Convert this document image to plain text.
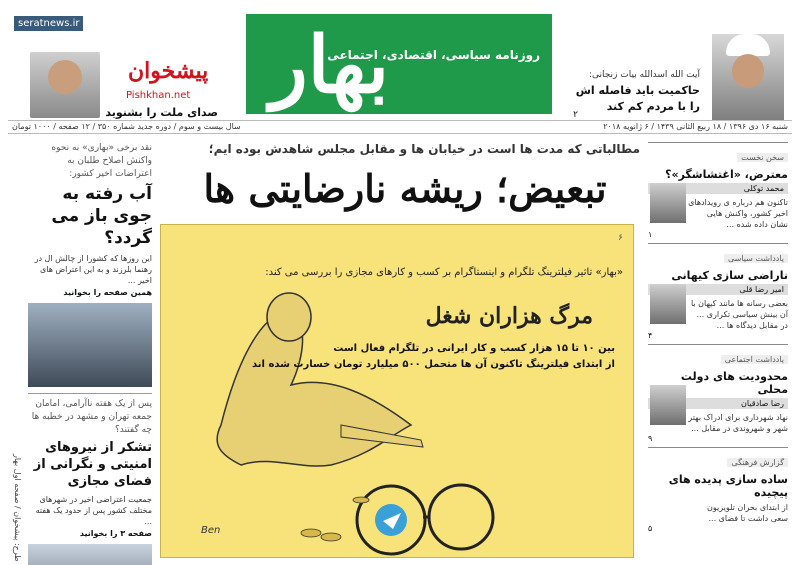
بهار
روزنامه سیاسی، اقتصادی، اجتماعی
seratnews.ir
پیشخوان
Pishkhan.net
صدای ملت را بشنوید
آیت الله اسدالله بیات زنجانی:
حاکمیت باید فاصله اش
را با مردم کم کند
۲
شنبه ۱۶ دی ۱۳۹۶ / ۱۸ ربیع الثانی ۱۴۳۹ / ۶ ژانویه ۲۰۱۸
سال بیست و سوم / دوره جدید شماره ۳۵۰ / ۱۲ صفحه / ۱۰۰۰ تومان
مطالباتی که مدت ها است در خیابان ها و مقابل مجلس شاهدش بوده ایم؛
تبعیض؛ ریشه نارضایتی ها
۶
«بهار» تاثیر فیلترینگ تلگرام و اینستاگرام بر کسب و کارهای مجازی را بررسی می کند:
مرگ هزاران شغل
بین ۱۰ تا ۱۵ هزار کسب و کار ایرانی در تلگرام فعال است
از ابتدای فیلترینگ تاکنون آن ها متحمل ۵۰۰ میلیارد تومان خسارت شده اند
Ben
طرح: پیشخوان / صفحه اول بهار
نقد برخی «بهاری» به نحوه واکنش اصلاح طلبان به اعتراضات اخیر کشور:
آب رفته به جوی باز می گردد؟
این روزها که کشورا از چالش ال در رهنما بلرزند و به این اعتراض های اخیر ...
همین صفحه را بخوانید
پس از یک هفته ناآرامی، امامان جمعه تهران و مشهد در خطبه ها چه گفتند؟
تشکر از نیروهای امنیتی و نگرانی از فضای مجازی
جمعیت اعتراضی اخیر در شهرهای مختلف کشور پس از حدود یک هفته ...
صفحه ۳ را بخوانید
سخن نخست
معترض، «اغتشاشگر»؟
محمد توکلی
تاکنون هم درباره ی رویدادهای اخیر کشور، واکنش هایی نشان داده شده ...
۱
یادداشت سیاسی
ناراضی سازی کیهانی
امیر رضا قلی
بعضی رسانه ها مانند کیهان با آن بینش سیاسی تکراری ... در مقابل دیدگاه ها ...
۴
یادداشت اجتماعی
محدودیت های دولت محلی
رضا صادقیان
نهاد شهرداری برای ادراک بهتر شهر و شهروندی در مقابل ...
۹
گزارش فرهنگی
ساده سازی پدیده های پیچیده
از ابتدای بحران تلویزیون سعی داشت تا فضای ...
۵
